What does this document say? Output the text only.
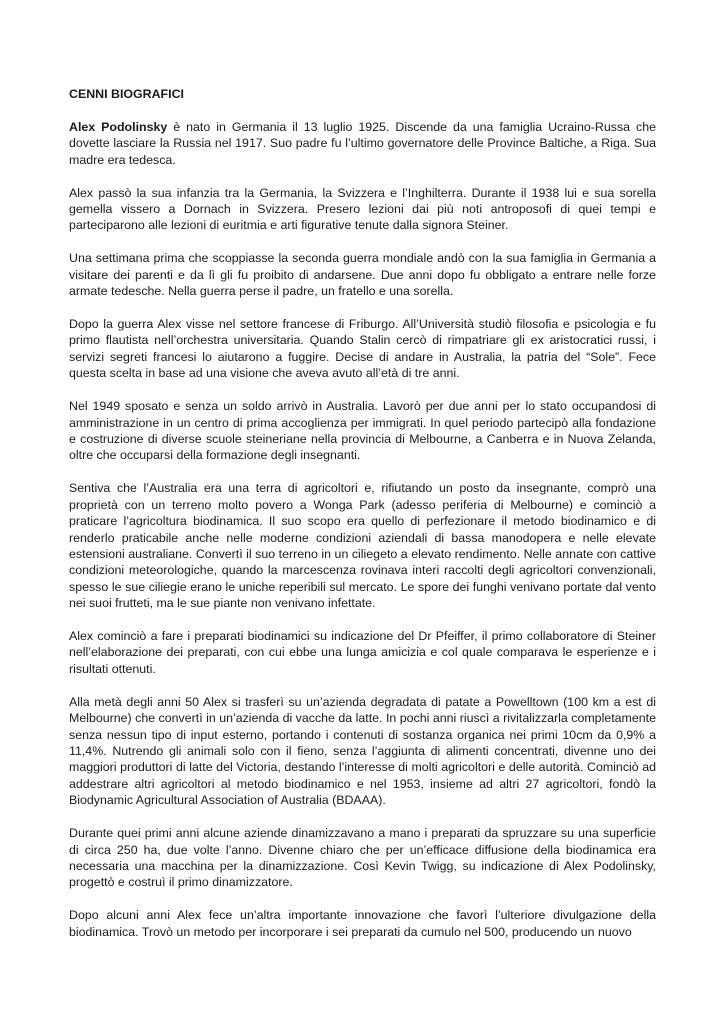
CENNI BIOGRAFICI

Alex Podolinsky è nato in Germania il 13 luglio 1925. Discende da una famiglia Ucraino-Russa che dovette lasciare la Russia nel 1917. Suo padre fu l’ultimo governatore delle Province Baltiche, a Riga. Sua madre era tedesca.

Alex passò la sua infanzia tra la Germania, la Svizzera e l’Inghilterra. Durante il 1938 lui e sua sorella gemella vissero a Dornach in Svizzera. Presero lezioni dai più noti antroposofi di quei tempi e parteciparono alle lezioni di euritmia e arti figurative tenute dalla signora Steiner.

Una settimana prima che scoppiasse la seconda guerra mondiale andò con la sua famiglia in Germania a visitare dei parenti e da lì gli fu proibito di andarsene. Due anni dopo fu obbligato a entrare nelle forze armate tedesche. Nella guerra perse il padre, un fratello e una sorella.

Dopo la guerra Alex visse nel settore francese di Friburgo. All’Università studiò filosofia e psicologia e fu primo flautista nell’orchestra universitaria. Quando Stalin cercò di rimpatriare gli ex aristocratici russi, i servizi segreti francesi lo aiutarono a fuggire. Decise di andare in Australia, la patria del “Sole”. Fece questa scelta in base ad una visione che aveva avuto all’età di tre anni.

Nel 1949 sposato e senza un soldo arrivò in Australia. Lavorò per due anni per lo stato occupandosi di amministrazione in un centro di prima accoglienza per immigrati. In quel periodo partecipò alla fondazione e costruzione di diverse scuole steineriane nella provincia di Melbourne, a Canberra e in Nuova Zelanda, oltre che occuparsi della formazione degli insegnanti.

Sentiva che l’Australia era una terra di agricoltori e, rifiutando un posto da insegnante, comprò una proprietà con un terreno molto povero a Wonga Park (adesso periferia di Melbourne) e cominciò a praticare l’agricoltura biodinamica. Il suo scopo era quello di perfezionare il metodo biodinamico e di renderlo praticabile anche nelle moderne condizioni aziendali di bassa manodopera e nelle elevate estensioni australiane. Convertì il suo terreno in un ciliegeto a elevato rendimento. Nelle annate con cattive condizioni meteorologiche, quando la marcescenza rovinava interi raccolti degli agricoltori convenzionali, spesso le sue ciliegie erano le uniche reperibili sul mercato. Le spore dei funghi venivano portate dal vento nei suoi frutteti, ma le sue piante non venivano infettate.

Alex cominciò a fare i preparati biodinamici su indicazione del Dr Pfeiffer, il primo collaboratore di Steiner nell’elaborazione dei preparati, con cui ebbe una lunga amicizia e col quale comparava le esperienze e i risultati ottenuti.

Alla metà degli anni 50 Alex si trasferì su un’azienda degradata di patate a Powelltown (100 km a est di Melbourne) che convertì in un’azienda di vacche da latte. In pochi anni riuscì a rivitalizzarla completamente senza nessun tipo di input esterno, portando i contenuti di sostanza organica nei primi 10cm da 0,9% a 11,4%. Nutrendo gli animali solo con il fieno, senza l’aggiunta di alimenti concentrati, divenne uno dei maggiori produttori di latte del Victoria, destando l’interesse di molti agricoltori e delle autorità. Cominciò ad addestrare altri agricoltori al metodo biodinamico e nel 1953, insieme ad altri 27 agricoltori, fondò la Biodynamic Agricultural Association of Australia (BDAAA).

Durante quei primi anni alcune aziende dinamizzavano a mano i preparati da spruzzare su una superficie di circa 250 ha, due volte l’anno. Divenne chiaro che per un’efficace diffusione della biodinamica era necessaria una macchina per la dinamizzazione. Così Kevin Twigg, su indicazione di Alex Podolinsky, progettò e costruì il primo dinamizzatore.

Dopo alcuni anni Alex fece un’altra importante innovazione che favorì l’ulteriore divulgazione della biodinamica. Trovò un metodo per incorporare i sei preparati da cumulo nel 500, producendo un nuovo
